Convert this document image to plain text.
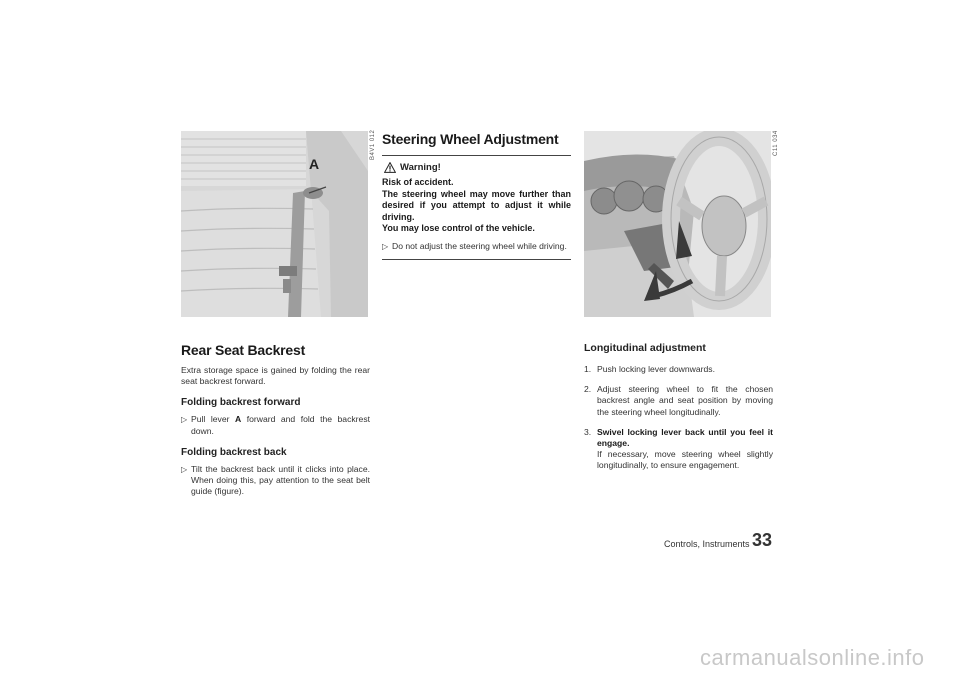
A
B4V1 012
Rear Seat Backrest

Extra storage space is gained by folding the rear seat backrest forward.

Folding backrest forward
▷ Pull lever A forward and fold the backrest down.
Folding backrest back
▷ Tilt the backrest back until it clicks into place. When doing this, pay attention to the seat belt guide (figure).
Steering Wheel Adjustment
Warning!
Risk of accident.
The steering wheel may move further than desired if you attempt to adjust it while driving.
You may lose control of the vehicle.
▷ Do not adjust the steering wheel while driving.
C11 034
Longitudinal adjustment
1. Push locking lever downwards.
2. Adjust steering wheel to fit the chosen backrest angle and seat position by moving the steering wheel longitudinally.
3. Swivel locking lever back until you feel it engage.
If necessary, move steering wheel slightly longitudinally, to ensure engagement.
Controls, Instruments 33
carmanualsonline.info
